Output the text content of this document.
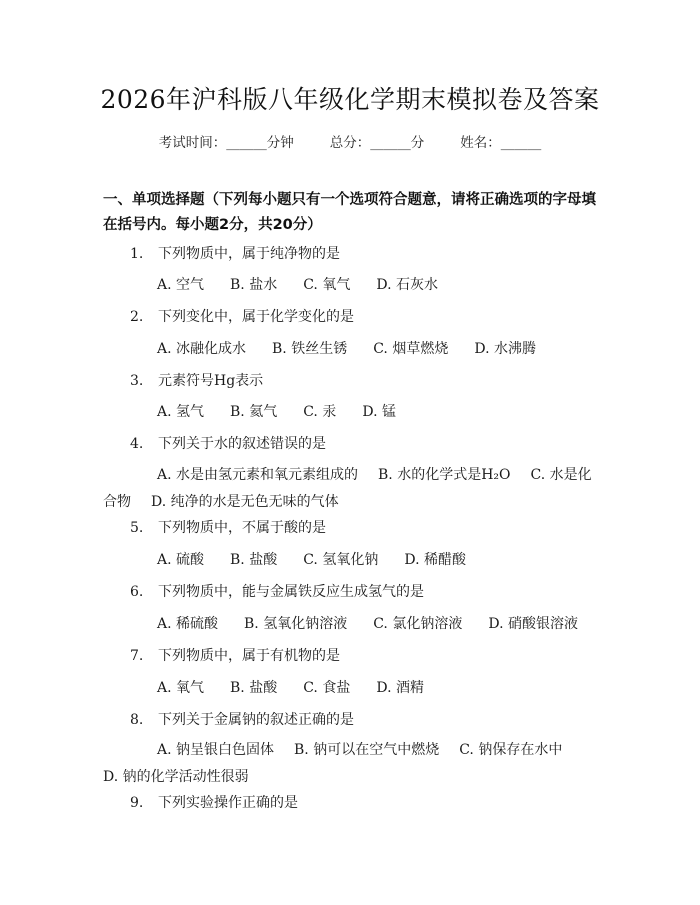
2026年沪科版八年级化学期末模拟卷及答案
考试时间：______分钟	总分：______分	姓名：______
一、单项选择题（下列每小题只有一个选项符合题意，请将正确选项的字母填在括号内。每小题2分，共20分）
1. 下列物质中，属于纯净物的是
A. 空气 B. 盐水 C. 氧气 D. 石灰水
2. 下列变化中，属于化学变化的是
A. 冰融化成水 B. 铁丝生锈 C. 烟草燃烧 D. 水沸腾
3. 元素符号Hg表示
A. 氢气 B. 氦气 C. 汞 D. 锰
4. 下列关于水的叙述错误的是
A. 水是由氢元素和氧元素组成的 B. 水的化学式是H₂O C. 水是化合物 D. 纯净的水是无色无味的气体
5. 下列物质中，不属于酸的是
A. 硫酸 B. 盐酸 C. 氢氧化钠 D. 稀醋酸
6. 下列物质中，能与金属铁反应生成氢气的是
A. 稀硫酸 B. 氢氧化钠溶液 C. 氯化钠溶液 D. 硝酸银溶液
7. 下列物质中，属于有机物的是
A. 氧气 B. 盐酸 C. 食盐 D. 酒精
8. 下列关于金属钠的叙述正确的是
A. 钠呈银白色固体 B. 钠可以在空气中燃烧 C. 钠保存在水中D. 钠的化学活动性很弱
9. 下列实验操作正确的是
